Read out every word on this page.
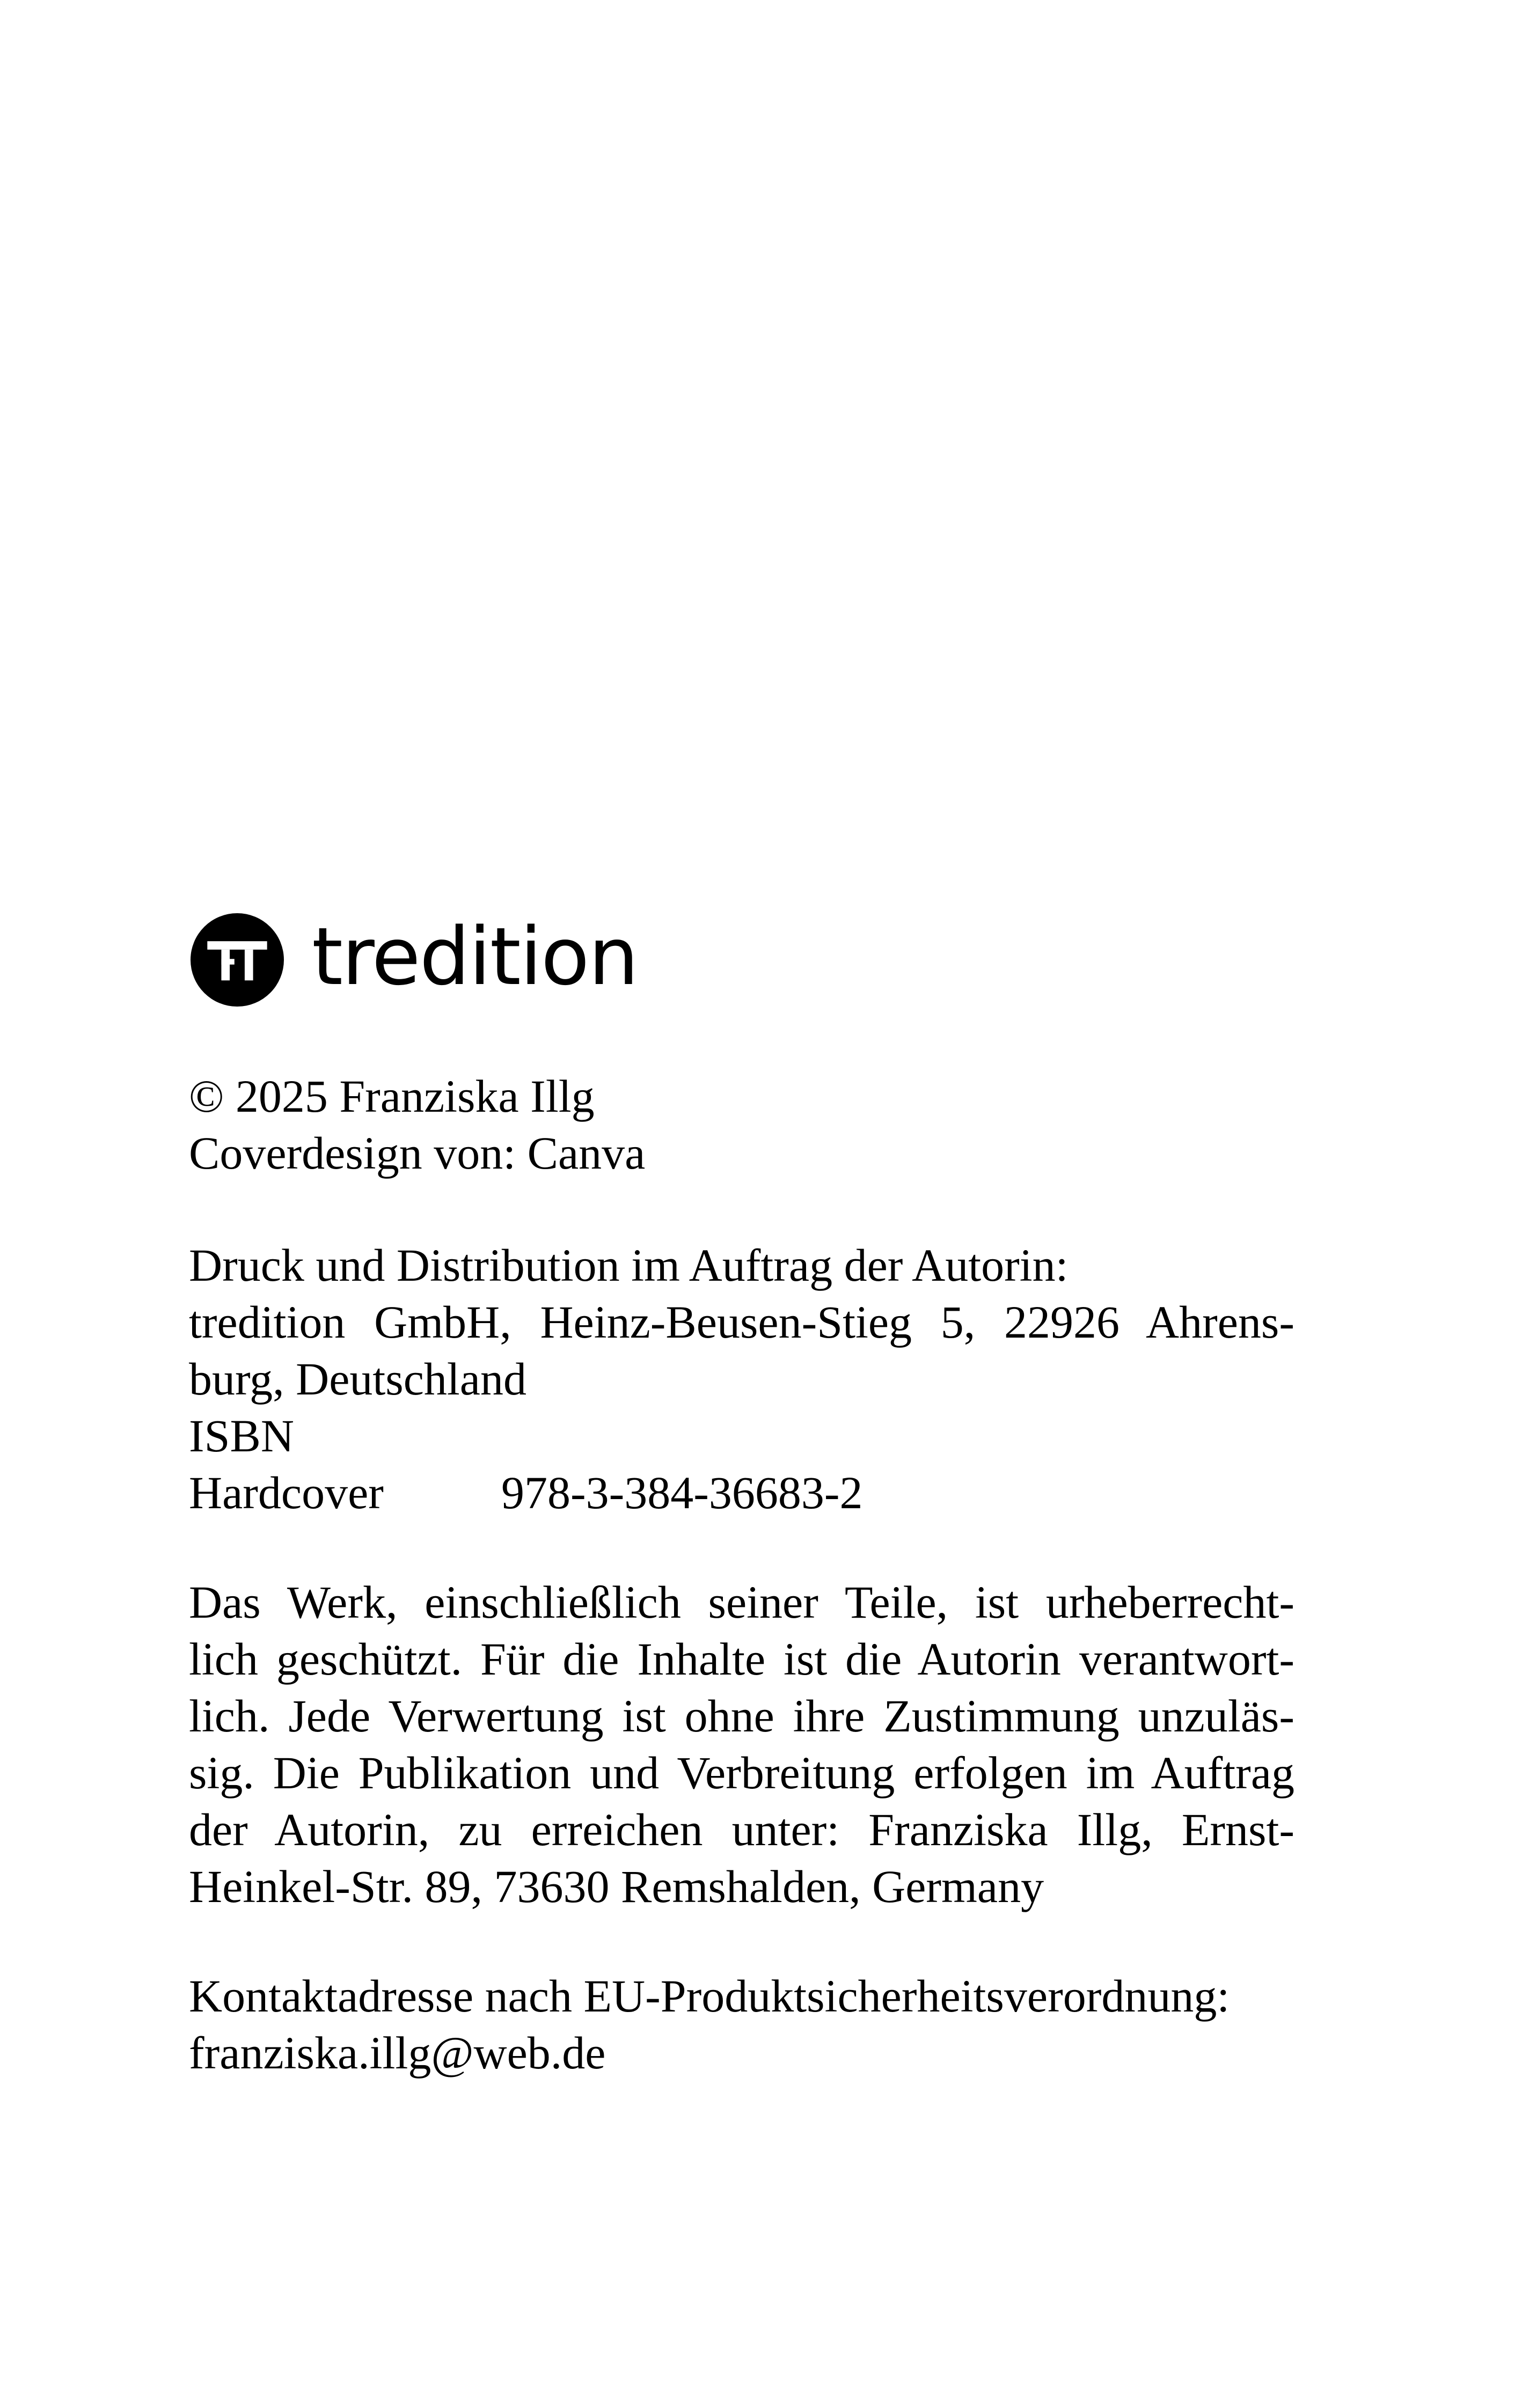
tredition
© 2025 Franziska Illg
Coverdesign von: Canva
Druck und Distribution im Auftrag der Autorin:
tredition GmbH, Heinz-Beusen-Stieg 5, 22926 Ahrens-
burg, Deutschland
ISBN
Hardcover	978-3-384-36683-2
Das Werk, einschließlich seiner Teile, ist urheberrecht-
lich geschützt. Für die Inhalte ist die Autorin verantwort-
lich. Jede Verwertung ist ohne ihre Zustimmung unzuläs-
sig. Die Publikation und Verbreitung erfolgen im Auftrag
der Autorin, zu erreichen unter: Franziska Illg, Ernst-
Heinkel-Str. 89, 73630 Remshalden, Germany
Kontaktadresse nach EU-Produktsicherheitsverordnung:
franziska.illg@web.de
